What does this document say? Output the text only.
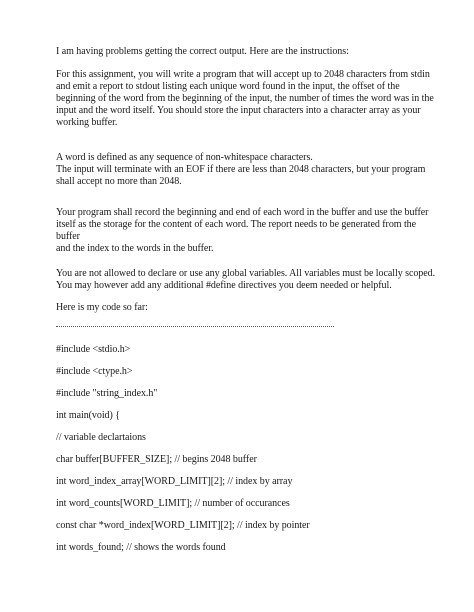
I am having problems getting the correct output. Here are the instructions:
For this assignment, you will write a program that will accept up to 2048 characters from stdin
and emit a report to stdout listing each unique word found in the input, the offset of the
beginning of the word from the beginning of the input, the number of times the word was in the
input and the word itself. You should store the input characters into a character array as your
working buffer.
A word is defined as any sequence of non-whitespace characters.
The input will terminate with an EOF if there are less than 2048 characters, but your program
shall accept no more than 2048.
Your program shall record the beginning and end of each word in the buffer and use the buffer
itself as the storage for the content of each word. The report needs to be generated from the
buffer
and the index to the words in the buffer.
You are not allowed to declare or use any global variables. All variables must be locally scoped.
You may however add any additional #define directives you deem needed or helpful.
Here is my code so far:
#include <stdio.h>
#include <ctype.h>
#include "string_index.h"
int main(void) {
// variable declartaions
char buffer[BUFFER_SIZE]; // begins 2048 buffer
int word_index_array[WORD_LIMIT][2]; // index by array
int word_counts[WORD_LIMIT]; // number of occurances
const char *word_index[WORD_LIMIT][2]; // index by pointer
int words_found; // shows the words found
